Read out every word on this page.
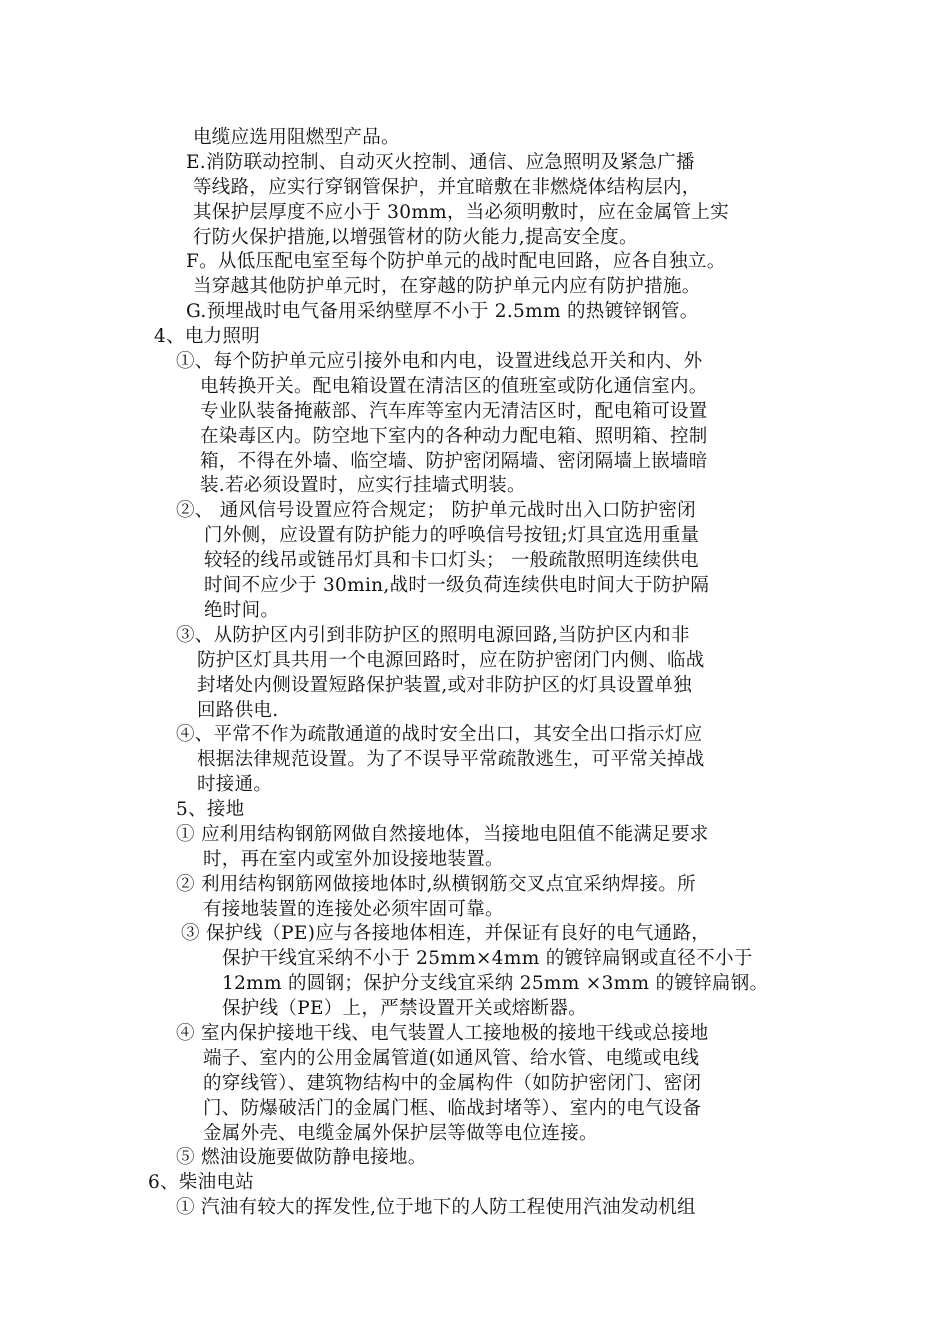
电缆应选用阻燃型产品。
E.消防联动控制、自动灭火控制、通信、应急照明及紧急广播
等线路，应实行穿钢管保护，并宜暗敷在非燃烧体结构层内，
其保护层厚度不应小于 30mm，当必须明敷时，应在金属管上实
行防火保护措施,以增强管材的防火能力,提高安全度。
F。从低压配电室至每个防护单元的战时配电回路，应各自独立。
当穿越其他防护单元时，在穿越的防护单元内应有防护措施。
G.预埋战时电气备用采纳壁厚不小于 2.5mm 的热镀锌钢管。
4、电力照明
①、每个防护单元应引接外电和内电，设置进线总开关和内、外
电转换开关。配电箱设置在清洁区的值班室或防化通信室内。
专业队装备掩蔽部、汽车库等室内无清洁区时，配电箱可设置
在染毒区内。防空地下室内的各种动力配电箱、照明箱、控制
箱，不得在外墙、临空墙、防护密闭隔墙、密闭隔墙上嵌墙暗
装.若必须设置时，应实行挂墙式明装。
②、 通风信号设置应符合规定； 防护单元战时出入口防护密闭
门外侧，应设置有防护能力的呼唤信号按钮;灯具宜选用重量
较轻的线吊或链吊灯具和卡口灯头； 一般疏散照明连续供电
时间不应少于 30min,战时一级负荷连续供电时间大于防护隔
绝时间。
③、从防护区内引到非防护区的照明电源回路,当防护区内和非
防护区灯具共用一个电源回路时，应在防护密闭门内侧、临战
封堵处内侧设置短路保护装置,或对非防护区的灯具设置单独
回路供电.
④、平常不作为疏散通道的战时安全出口，其安全出口指示灯应
根据法律规范设置。为了不误导平常疏散逃生，可平常关掉战
时接通。
5、接地
① 应利用结构钢筋网做自然接地体，当接地电阻值不能满足要求
时，再在室内或室外加设接地装置。
② 利用结构钢筋网做接地体时,纵横钢筋交叉点宜采纳焊接。所
有接地装置的连接处必须牢固可靠。
③ 保护线（PE)应与各接地体相连，并保证有良好的电气通路，
保护干线宜采纳不小于 25mm×4mm 的镀锌扁钢或直径不小于
12mm 的圆钢；保护分支线宜采纳 25mm ×3mm 的镀锌扁钢。
保护线（PE）上，严禁设置开关或熔断器。
④ 室内保护接地干线、电气装置人工接地极的接地干线或总接地
端子、室内的公用金属管道(如通风管、给水管、电缆或电线
的穿线管）、建筑物结构中的金属构件（如防护密闭门、密闭
门、防爆破活门的金属门框、临战封堵等）、室内的电气设备
金属外壳、电缆金属外保护层等做等电位连接。
⑤ 燃油设施要做防静电接地。
6、柴油电站
① 汽油有较大的挥发性,位于地下的人防工程使用汽油发动机组
